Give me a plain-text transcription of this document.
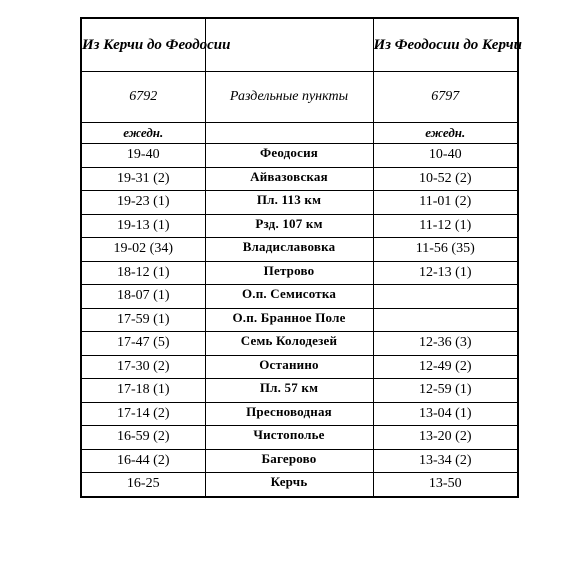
Из Керчи до Феодосии		Из Феодосии до Керчи
6792	Раздельные пункты	6797
ежедн.		ежедн.
19-40	Феодосия	10-40
19-31 (2)	Айвазовская	10-52 (2)
19-23 (1)	Пл. 113 км	11-01 (2)
19-13 (1)	Рзд. 107 км	11-12 (1)
19-02 (34)	Владиславовка	11-56 (35)
18-12 (1)	Петрово	12-13 (1)
18-07 (1)	О.п. Семисотка	
17-59 (1)	О.п. Бранное Поле	
17-47 (5)	Семь Колодезей	12-36 (3)
17-30 (2)	Останино	12-49 (2)
17-18 (1)	Пл. 57 км	12-59 (1)
17-14 (2)	Пресноводная	13-04 (1)
16-59 (2)	Чистополье	13-20 (2)
16-44 (2)	Багерово	13-34 (2)
16-25	Керчь	13-50
